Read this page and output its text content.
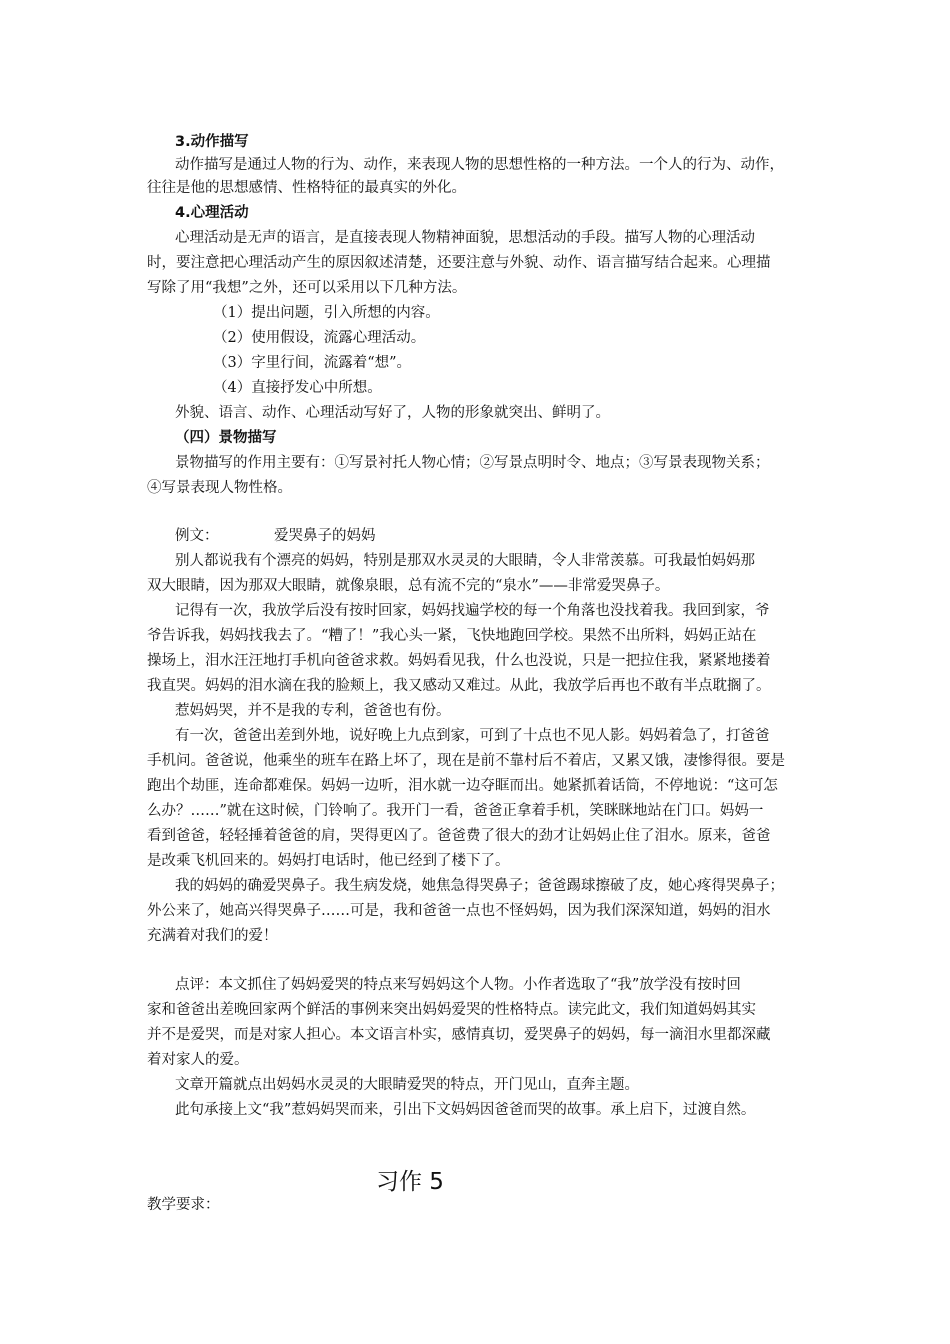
3.动作描写
动作描写是通过人物的行为、动作，来表现人物的思想性格的一种方法。一个人的行为、动作，
往往是他的思想感情、性格特征的最真实的外化。
4.心理活动
心理活动是无声的语言，是直接表现人物精神面貌，思想活动的手段。描写人物的心理活动
时，要注意把心理活动产生的原因叙述清楚，还要注意与外貌、动作、语言描写结合起来。心理描
写除了用“我想”之外，还可以采用以下几种方法。
（1）提出问题，引入所想的内容。
（2）使用假设，流露心理活动。
（3）字里行间，流露着“想”。
（4）直接抒发心中所想。
外貌、语言、动作、心理活动写好了，人物的形象就突出、鲜明了。
（四）景物描写
景物描写的作用主要有：①写景衬托人物心情；②写景点明时令、地点；③写景表现物关系；
④写景表现人物性格。
例文：	爱哭鼻子的妈妈
别人都说我有个漂亮的妈妈，特别是那双水灵灵的大眼睛，令人非常羡慕。可我最怕妈妈那
双大眼睛，因为那双大眼睛，就像泉眼，总有流不完的“泉水”——非常爱哭鼻子。
记得有一次，我放学后没有按时回家，妈妈找遍学校的每一个角落也没找着我。我回到家，爷
爷告诉我，妈妈找我去了。“糟了！”我心头一紧，飞快地跑回学校。果然不出所料，妈妈正站在
操场上，泪水汪汪地打手机向爸爸求救。妈妈看见我，什么也没说，只是一把拉住我，紧紧地搂着
我直哭。妈妈的泪水滴在我的脸颊上，我又感动又难过。从此，我放学后再也不敢有半点耽搁了。
惹妈妈哭，并不是我的专利，爸爸也有份。
有一次，爸爸出差到外地，说好晚上九点到家，可到了十点也不见人影。妈妈着急了，打爸爸
手机问。爸爸说，他乘坐的班车在路上坏了，现在是前不靠村后不着店，又累又饿，凄惨得很。要是
跑出个劫匪，连命都难保。妈妈一边听，泪水就一边夺眶而出。她紧抓着话筒，不停地说：“这可怎
么办？……”就在这时候，门铃响了。我开门一看，爸爸正拿着手机，笑眯眯地站在门口。妈妈一
看到爸爸，轻轻捶着爸爸的肩，哭得更凶了。爸爸费了很大的劲才让妈妈止住了泪水。原来，爸爸
是改乘飞机回来的。妈妈打电话时，他已经到了楼下了。
我的妈妈的确爱哭鼻子。我生病发烧，她焦急得哭鼻子；爸爸踢球擦破了皮，她心疼得哭鼻子；
外公来了，她高兴得哭鼻子……可是，我和爸爸一点也不怪妈妈，因为我们深深知道，妈妈的泪水
充满着对我们的爱！
点评：本文抓住了妈妈爱哭的特点来写妈妈这个人物。小作者选取了“我”放学没有按时回
家和爸爸出差晚回家两个鲜活的事例来突出妈妈爱哭的性格特点。读完此文，我们知道妈妈其实
并不是爱哭，而是对家人担心。本文语言朴实，感情真切，爱哭鼻子的妈妈，每一滴泪水里都深藏
着对家人的爱。
文章开篇就点出妈妈水灵灵的大眼睛爱哭的特点，开门见山，直奔主题。
此句承接上文“我”惹妈妈哭而来，引出下文妈妈因爸爸而哭的故事。承上启下，过渡自然。
习作 5
教学要求：
